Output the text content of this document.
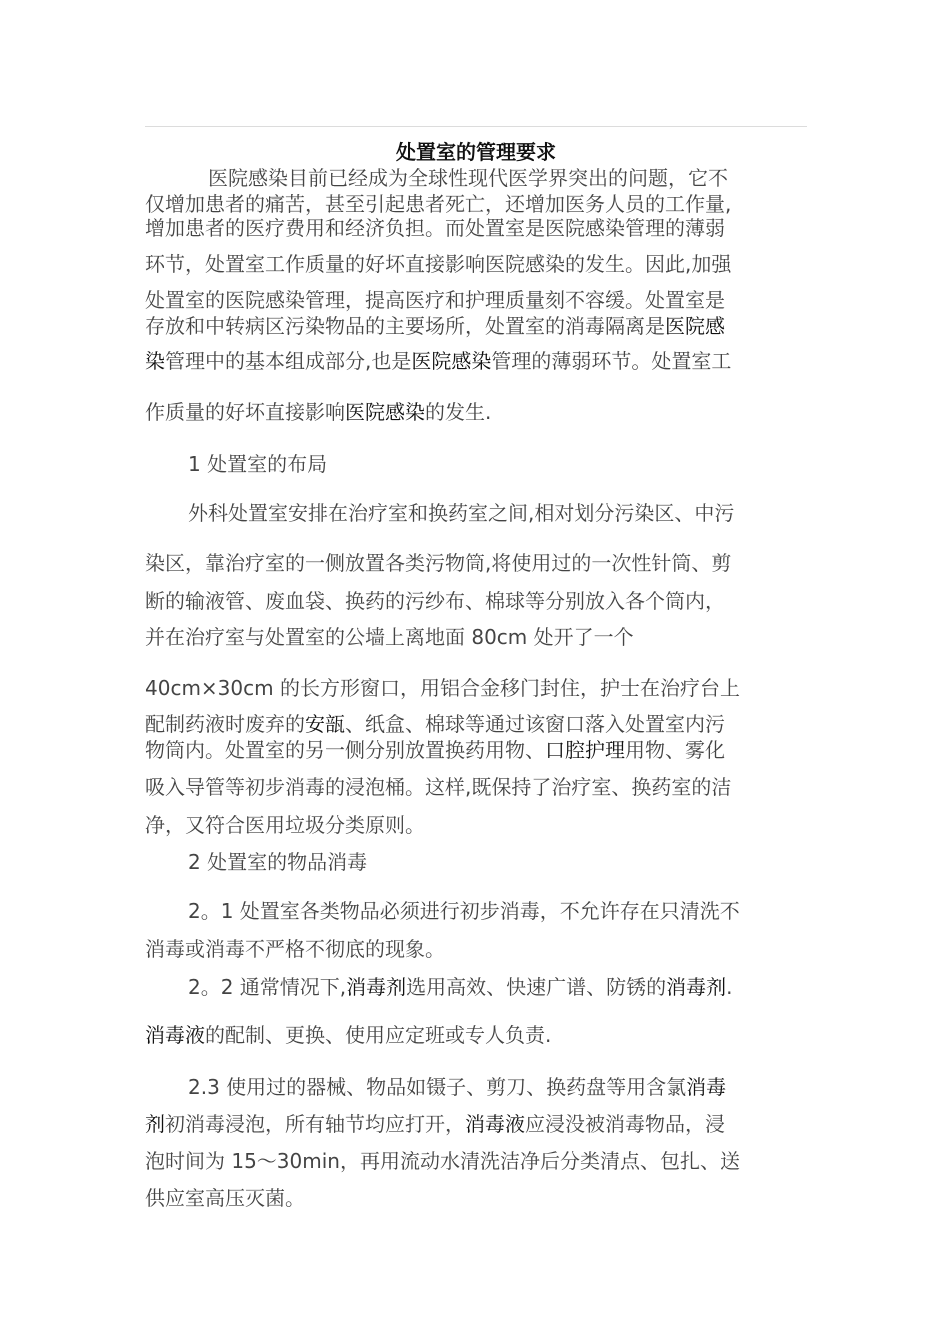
处置室的管理要求

医院感染目前已经成为全球性现代医学界突出的问题，它不

仅增加患者的痛苦，甚至引起患者死亡，还增加医务人员的工作量,

增加患者的医疗费用和经济负担。而处置室是医院感染管理的薄弱

环节，处置室工作质量的好坏直接影响医院感染的发生。因此,加强

处置室的医院感染管理，提高医疗和护理质量刻不容缓。处置室是

存放和中转病区污染物品的主要场所，处置室的消毒隔离是医院感

染管理中的基本组成部分,也是医院感染管理的薄弱环节。处置室工

作质量的好坏直接影响医院感染的发生.

1 处置室的布局

外科处置室安排在治疗室和换药室之间,相对划分污染区、中污

染区，靠治疗室的一侧放置各类污物筒,将使用过的一次性针筒、剪

断的输液管、废血袋、换药的污纱布、棉球等分别放入各个筒内，

并在治疗室与处置室的公墙上离地面 80cm 处开了一个

40cm×30cm 的长方形窗口，用铝合金移门封住，护士在治疗台上

配制药液时废弃的安瓿、纸盒、棉球等通过该窗口落入处置室内污

物筒内。处置室的另一侧分别放置换药用物、口腔护理用物、雾化

吸入导管等初步消毒的浸泡桶。这样,既保持了治疗室、换药室的洁

净，又符合医用垃圾分类原则。

2 处置室的物品消毒

2。1 处置室各类物品必须进行初步消毒，不允许存在只清洗不

消毒或消毒不严格不彻底的现象。

2。2 通常情况下,消毒剂选用高效、快速广谱、防锈的消毒剂.

消毒液的配制、更换、使用应定班或专人负责.

2.3 使用过的器械、物品如镊子、剪刀、换药盘等用含氯消毒

剂初消毒浸泡，所有轴节均应打开，消毒液应浸没被消毒物品，浸

泡时间为 15～30min，再用流动水清洗洁净后分类清点、包扎、送

供应室高压灭菌。
